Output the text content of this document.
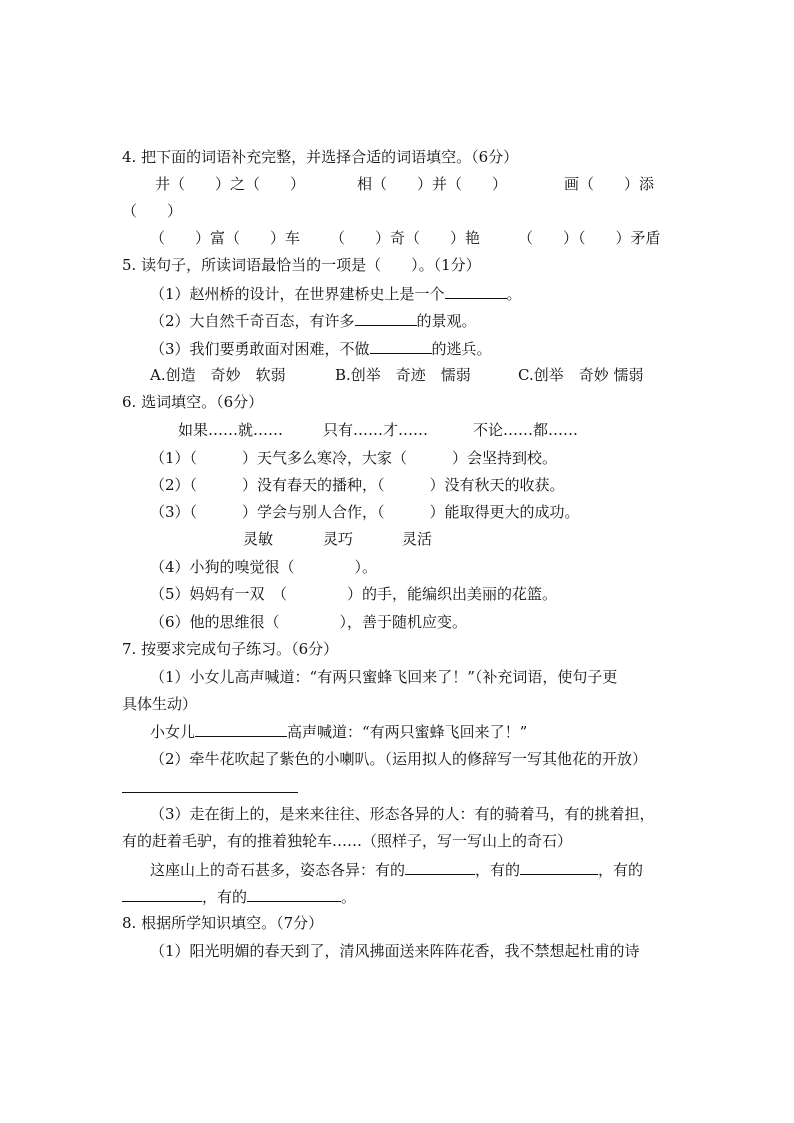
4. 把下面的词语补充完整，并选择合适的词语填空。（6分）
井（　　）之（　　）	相（　　）并（　　）	画（　　）添
（　　）
（　　）富（　　）车 （　　）奇（　　）艳	（　　）（　　）矛盾
5. 读句子，所读词语最恰当的一项是（　　）。（1分）
（1）赵州桥的设计，在世界建桥史上是一个	。
（2）大自然千奇百态，有许多	的景观。
（3）我们要勇敢面对困难，不做	的逃兵。
A.创造　奇妙　软弱	B.创举　奇迹　懦弱	C.创举　奇妙 懦弱
6. 选词填空。（6分）
如果……就……	只有……才……	不论……都……
（1）（　　　）天气多么寒冷，大家（　　　）会坚持到校。
（2）（　　　）没有春天的播种，（　　　）没有秋天的收获。
（3）（　　　）学会与别人合作，（　　　）能取得更大的成功。
灵敏	灵巧	灵活
（4）小狗的嗅觉很（　　　　）。
（5）妈妈有一双　（　　　　）的手，能编织出美丽的花篮。
（6）他的思维很（　　　　），善于随机应变。
7. 按要求完成句子练习。（6分）
（1）小女儿高声喊道：“有两只蜜蜂飞回来了！”（补充词语，使句子更
具体生动）
小女儿	高声喊道：“有两只蜜蜂飞回来了！”
（2）牵牛花吹起了紫色的小喇叭。（运用拟人的修辞写一写其他花的开放）
（3）走在街上的，是来来往往、形态各异的人：有的骑着马，有的挑着担，
有的赶着毛驴，有的推着独轮车……（照样子，写一写山上的奇石）
这座山上的奇石甚多，姿态各异：有的	，有的	，有的
，有的	。
8. 根据所学知识填空。（7分）
（1）阳光明媚的春天到了，清风拂面送来阵阵花香，我不禁想起杜甫的诗
